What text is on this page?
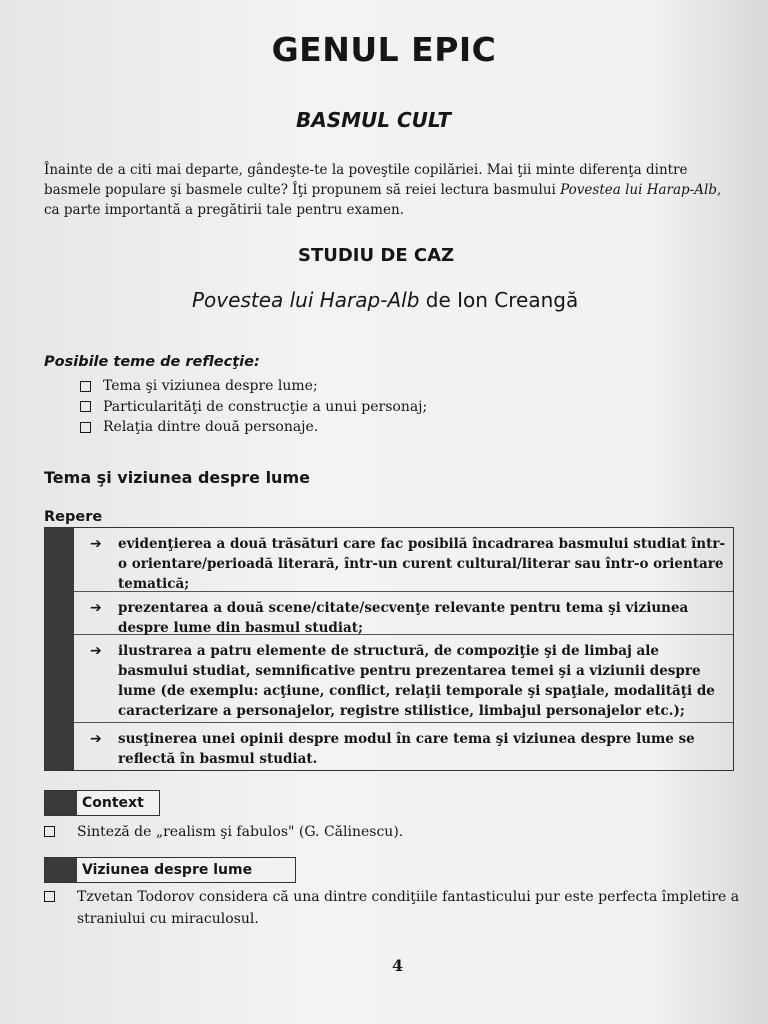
GENUL EPIC
BASMUL CULT
Înainte de a citi mai departe, gândeşte-te la poveştile copilăriei. Mai ţii minte diferenţa dintre basmele populare şi basmele culte? Îţi propunem să reiei lectura basmului Povestea lui Harap-Alb, ca parte importantă a pregătirii tale pentru examen.
STUDIU DE CAZ
Povestea lui Harap-Alb de Ion Creangă
Posibile teme de reflecţie:
Tema şi viziunea despre lume;
Particularităţi de construcţie a unui personaj;
Relaţia dintre două personaje.
Tema şi viziunea despre lume
Repere
➔	evidenţierea a două trăsături care fac posibilă încadrarea basmului studiat într-o orientare/perioadă literară, într-un curent cultural/literar sau într-o orientare tematică;
➔	prezentarea a două scene/citate/secvenţe relevante pentru tema şi viziunea despre lume din basmul studiat;
➔	ilustrarea a patru elemente de structură, de compoziţie şi de limbaj ale basmului studiat, semnificative pentru prezentarea temei şi a viziunii despre lume (de exemplu: acţiune, conflict, relaţii temporale şi spaţiale, modalităţi de caracterizare a personajelor, registre stilistice, limbajul personajelor etc.);
➔	susţinerea unei opinii despre modul în care tema şi viziunea despre lume se reflectă în basmul studiat.
Context
Sinteză de „realism şi fabulos" (G. Călinescu).
Viziunea despre lume
Tzvetan Todorov considera că una dintre condiţiile fantasticului pur este perfecta împletire a straniului cu miraculosul.
4
